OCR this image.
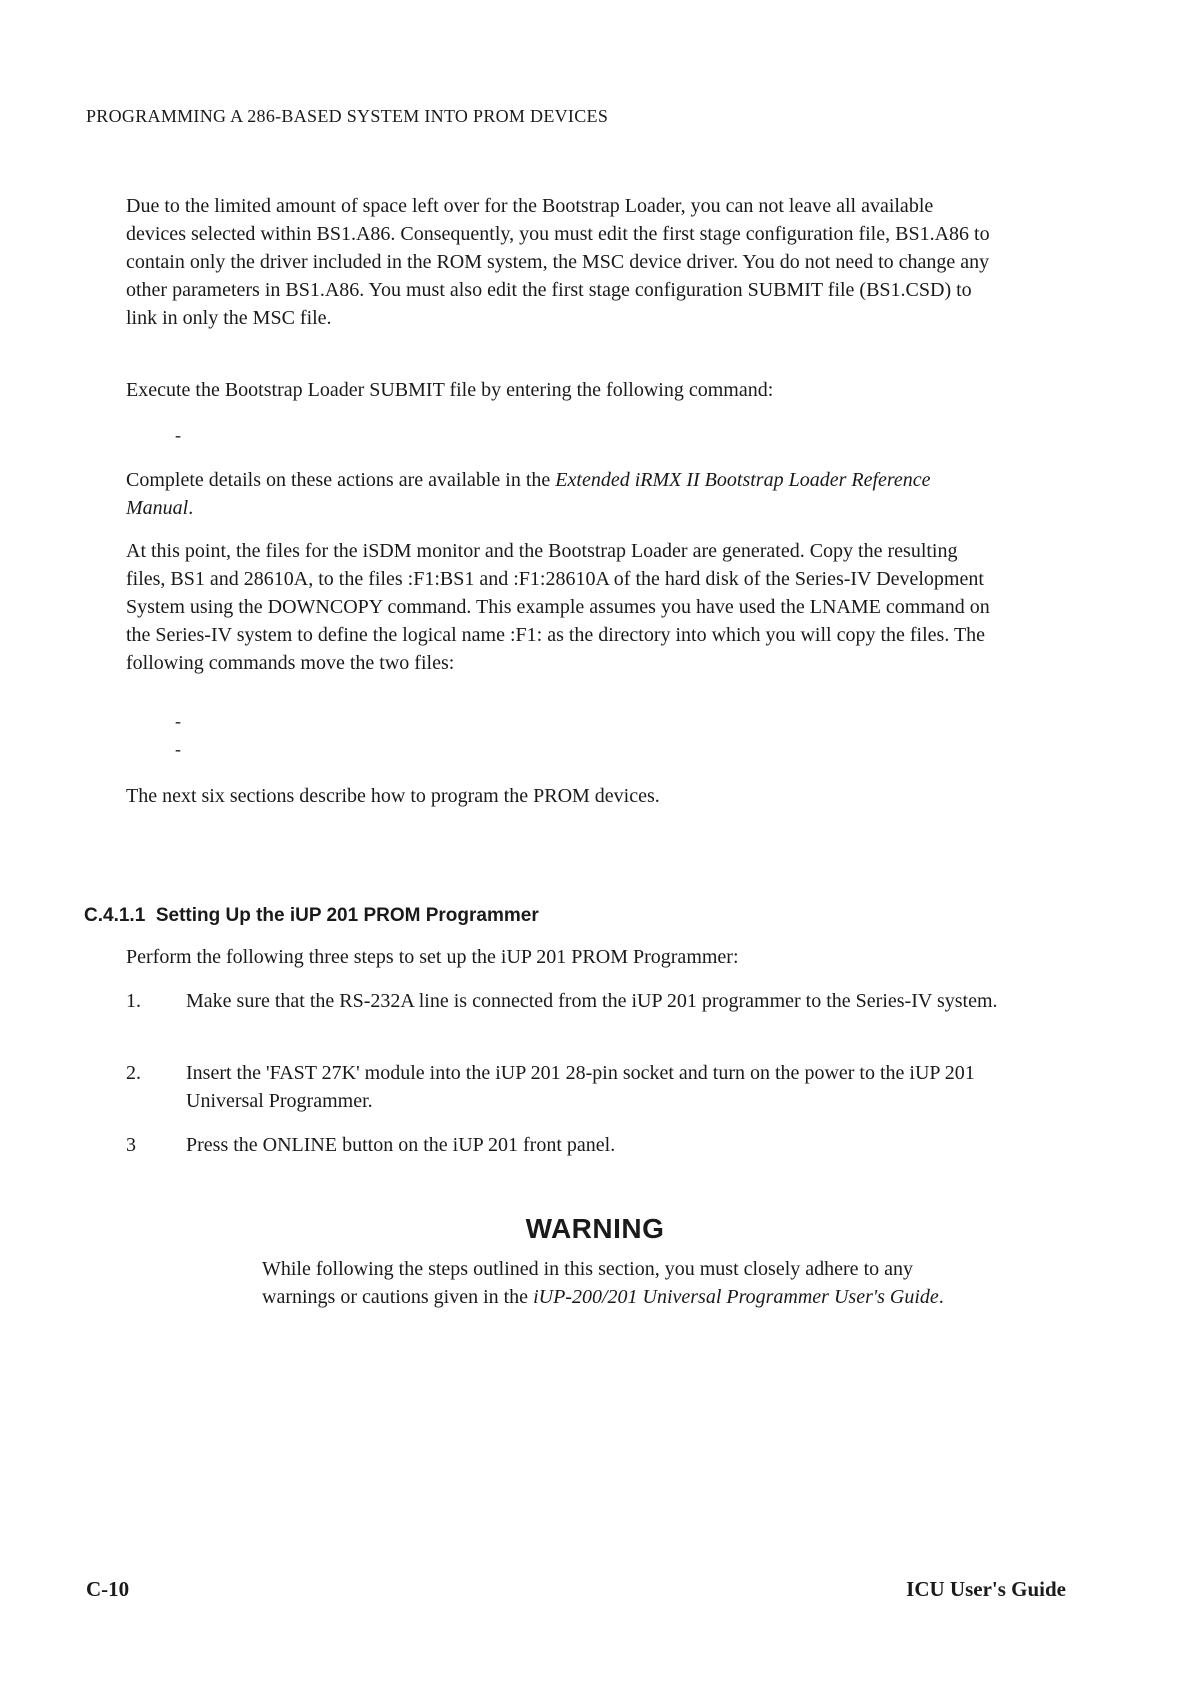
PROGRAMMING A 286-BASED SYSTEM INTO PROM DEVICES
Due to the limited amount of space left over for the Bootstrap Loader, you can not leave all available devices selected within BS1.A86. Consequently, you must edit the first stage configuration file, BS1.A86 to contain only the driver included in the ROM system, the MSC device driver. You do not need to change any other parameters in BS1.A86. You must also edit the first stage configuration SUBMIT file (BS1.CSD) to link in only the MSC file.
Execute the Bootstrap Loader SUBMIT file by entering the following command:
-
Complete details on these actions are available in the Extended iRMX II Bootstrap Loader Reference Manual.
At this point, the files for the iSDM monitor and the Bootstrap Loader are generated. Copy the resulting files, BS1 and 28610A, to the files :F1:BS1 and :F1:28610A of the hard disk of the Series-IV Development System using the DOWNCOPY command. This example assumes you have used the LNAME command on the Series-IV system to define the logical name :F1: as the directory into which you will copy the files. The following commands move the two files:
-
-
The next six sections describe how to program the PROM devices.
C.4.1.1 Setting Up the iUP 201 PROM Programmer
Perform the following three steps to set up the iUP 201 PROM Programmer:
1. Make sure that the RS-232A line is connected from the iUP 201 programmer to the Series-IV system.
2. Insert the 'FAST 27K' module into the iUP 201 28-pin socket and turn on the power to the iUP 201 Universal Programmer.
3	Press the ONLINE button on the iUP 201 front panel.
WARNING
While following the steps outlined in this section, you must closely adhere to any warnings or cautions given in the iUP-200/201 Universal Programmer User's Guide.
C-10	ICU User's Guide
